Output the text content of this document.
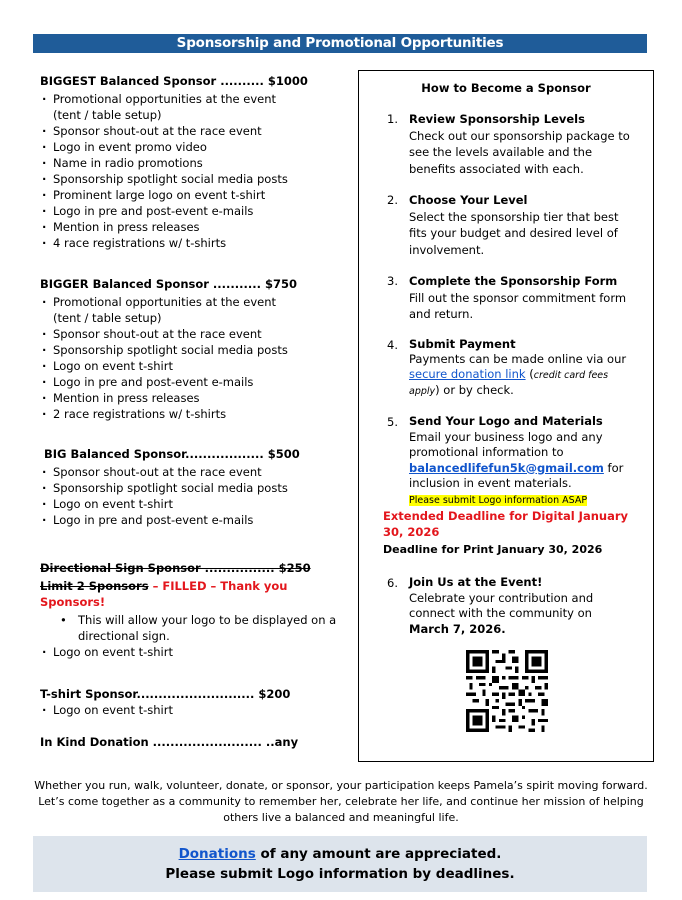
Sponsorship and Promotional Opportunities
BIGGEST Balanced Sponsor .......... $1000
· Promotional opportunities at the event
(tent / table setup)
· Sponsor shout-out at the race event
· Logo in event promo video
· Name in radio promotions
· Sponsorship spotlight social media posts
· Prominent large logo on event t-shirt
· Logo in pre and post-event e-mails
· Mention in press releases
· 4 race registrations w/ t-shirts
BIGGER Balanced Sponsor ........... $750
· Promotional opportunities at the event
(tent / table setup)
· Sponsor shout-out at the race event
· Sponsorship spotlight social media posts
· Logo on event t-shirt
· Logo in pre and post-event e-mails
· Mention in press releases
· 2 race registrations w/ t-shirts
BIG Balanced Sponsor.................. $500
· Sponsor shout-out at the race event
· Sponsorship spotlight social media posts
· Logo on event t-shirt
· Logo in pre and post-event e-mails
Directional Sign Sponsor ................ $250
Limit 2 Sponsors – FILLED – Thank you Sponsors!
• This will allow your logo to be displayed on a directional sign.
· Logo on event t-shirt
T-shirt Sponsor........................... $200
· Logo on event t-shirt
In Kind Donation ......................... ..any
How to Become a Sponsor
1. Review Sponsorship Levels
Check out our sponsorship package to see the levels available and the benefits associated with each.
2. Choose Your Level
Select the sponsorship tier that best fits your budget and desired level of involvement.
3. Complete the Sponsorship Form
Fill out the sponsor commitment form and return.
4. Submit Payment
Payments can be made online via our secure donation link (credit card fees apply) or by check.
5. Send Your Logo and Materials
Email your business logo and any promotional information to balancedlifefun5k@gmail.com for inclusion in event materials.
Please submit Logo information ASAP
Extended Deadline for Digital January 30, 2026
Deadline for Print January 30, 2026
6. Join Us at the Event!
Celebrate your contribution and connect with the community on
March 7, 2026.
Whether you run, walk, volunteer, donate, or sponsor, your participation keeps Pamela’s spirit moving forward. Let’s come together as a community to remember her, celebrate her life, and continue her mission of helping others live a balanced and meaningful life.
Donations of any amount are appreciated.
Please submit Logo information by deadlines.
